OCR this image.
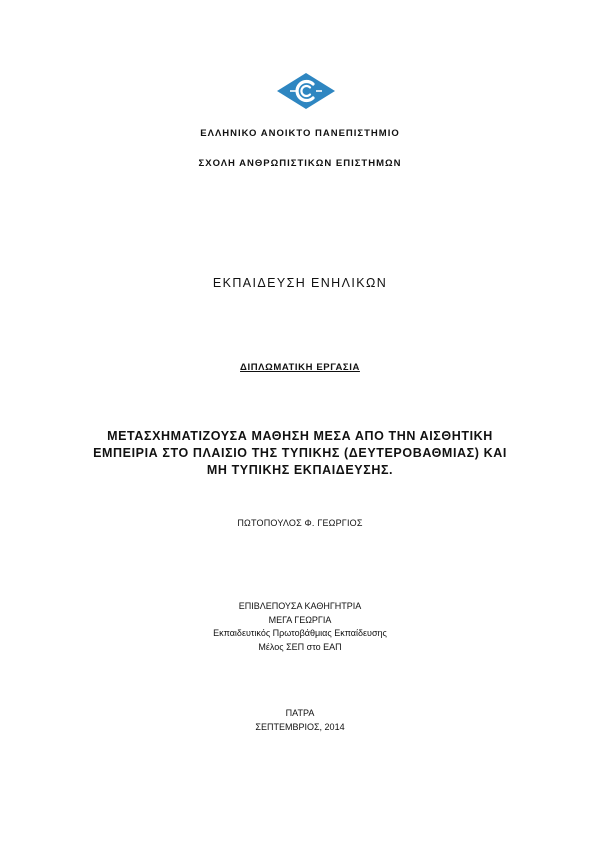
ΕΛΛΗΝΙΚΟ ΑΝΟΙΚΤΟ ΠΑΝΕΠΙΣΤΗΜΙΟ
ΣΧΟΛΗ ΑΝΘΡΩΠΙΣΤΙΚΩΝ ΕΠΙΣΤΗΜΩΝ
ΕΚΠΑΙΔΕΥΣΗ ΕΝΗΛΙΚΩΝ
ΔΙΠΛΩΜΑΤΙΚΗ ΕΡΓΑΣΙΑ
ΜΕΤΑΣΧΗΜΑΤΙΖΟΥΣΑ ΜΑΘΗΣΗ ΜΕΣΑ ΑΠΟ ΤΗΝ ΑΙΣΘΗΤΙΚΗ
ΕΜΠΕΙΡΙΑ ΣΤΟ ΠΛΑΙΣΙΟ ΤΗΣ ΤΥΠΙΚΗΣ (ΔΕΥΤΕΡΟΒΑΘΜΙΑΣ) ΚΑΙ
ΜΗ ΤΥΠΙΚΗΣ ΕΚΠΑΙΔΕΥΣΗΣ.
ΠΩΤΟΠΟΥΛΟΣ Φ. ΓΕΩΡΓΙΟΣ
ΕΠΙΒΛΕΠΟΥΣΑ ΚΑΘΗΓΗΤΡΙΑ
ΜΕΓΑ ΓΕΩΡΓΙΑ
Εκπαιδευτικός Πρωτοβάθμιας Εκπαίδευσης
Μέλος ΣΕΠ στο ΕΑΠ
ΠΑΤΡΑ
ΣΕΠΤΕΜΒΡΙΟΣ, 2014
